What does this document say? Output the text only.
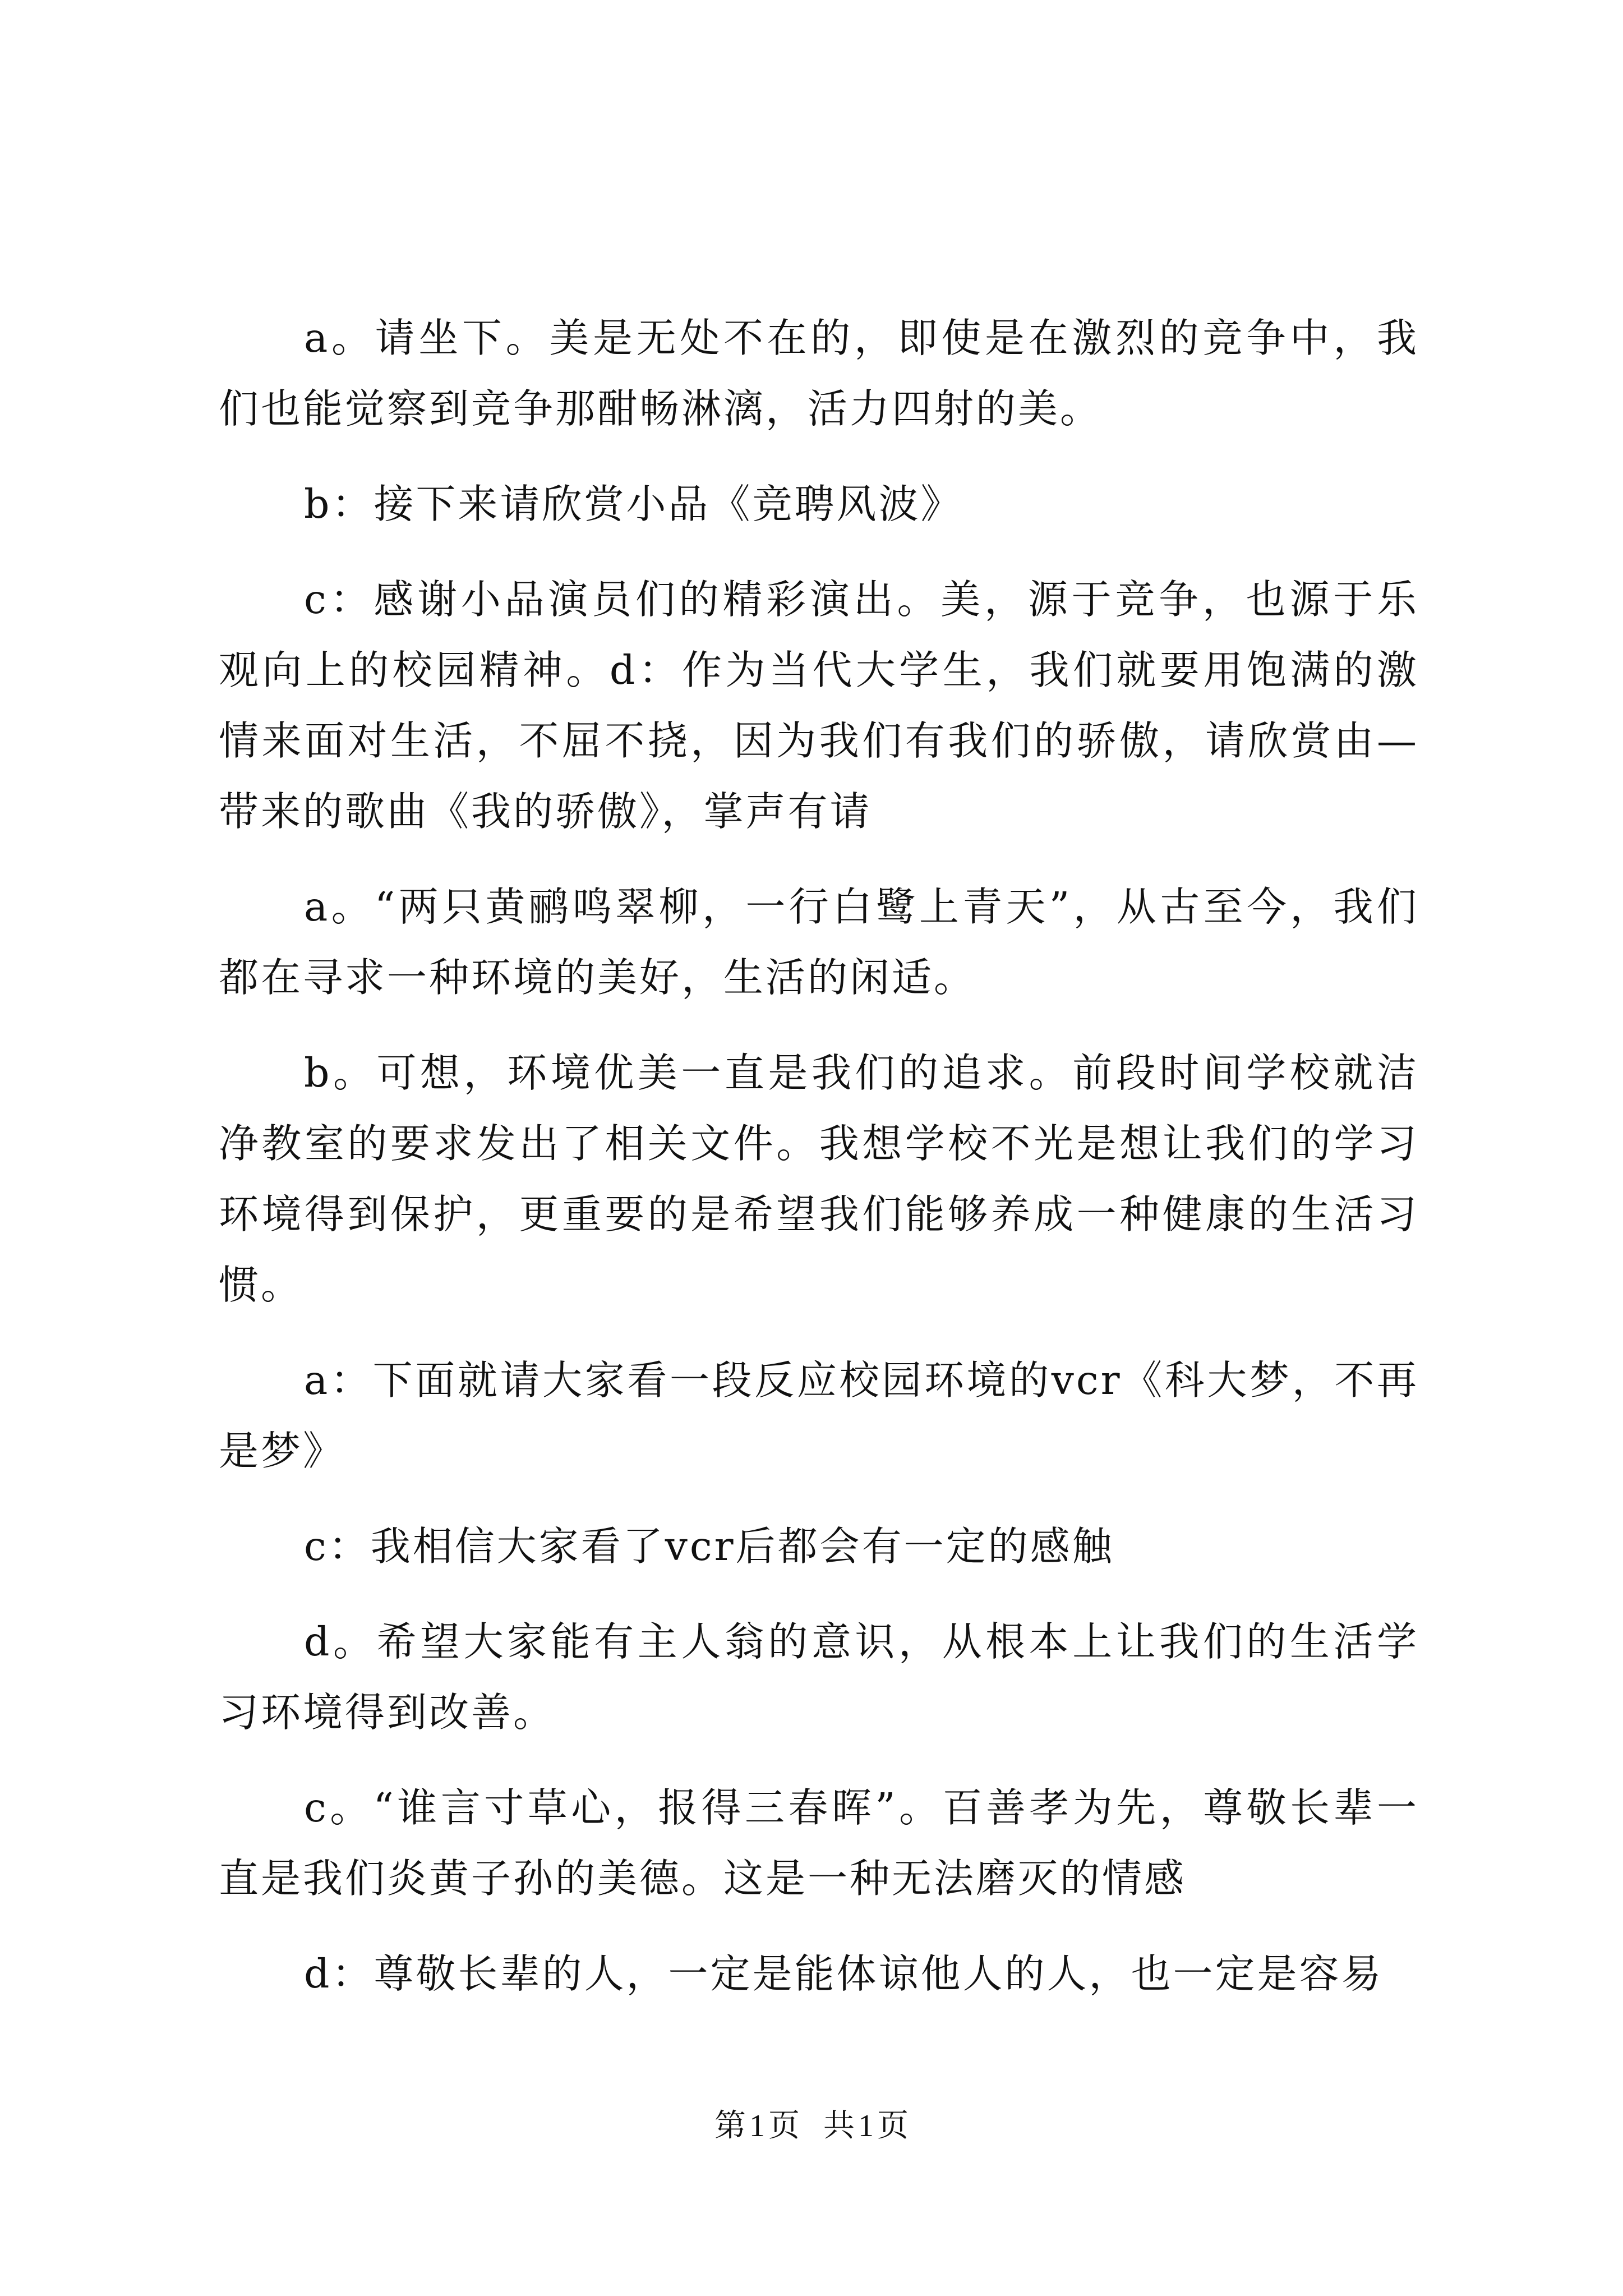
a。请坐下。美是无处不在的，即使是在激烈的竞争中，我们也能觉察到竞争那酣畅淋漓，活力四射的美。

b：接下来请欣赏小品《竞聘风波》

c：感谢小品演员们的精彩演出。美，源于竞争，也源于乐观向上的校园精神。d：作为当代大学生，我们就要用饱满的激情来面对生活，不屈不挠，因为我们有我们的骄傲，请欣赏由—带来的歌曲《我的骄傲》，掌声有请

a。“两只黄鹂鸣翠柳，一行白鹭上青天”，从古至今，我们都在寻求一种环境的美好，生活的闲适。

b。可想，环境优美一直是我们的追求。前段时间学校就洁净教室的要求发出了相关文件。我想学校不光是想让我们的学习环境得到保护，更重要的是希望我们能够养成一种健康的生活习惯。

a：下面就请大家看一段反应校园环境的vcr《科大梦，不再是梦》

c：我相信大家看了vcr后都会有一定的感触

d。希望大家能有主人翁的意识，从根本上让我们的生活学习环境得到改善。

c。“谁言寸草心，报得三春晖”。百善孝为先，尊敬长辈一直是我们炎黄子孙的美德。这是一种无法磨灭的情感

d：尊敬长辈的人，一定是能体谅他人的人，也一定是容易

第 1 页 共 1 页
